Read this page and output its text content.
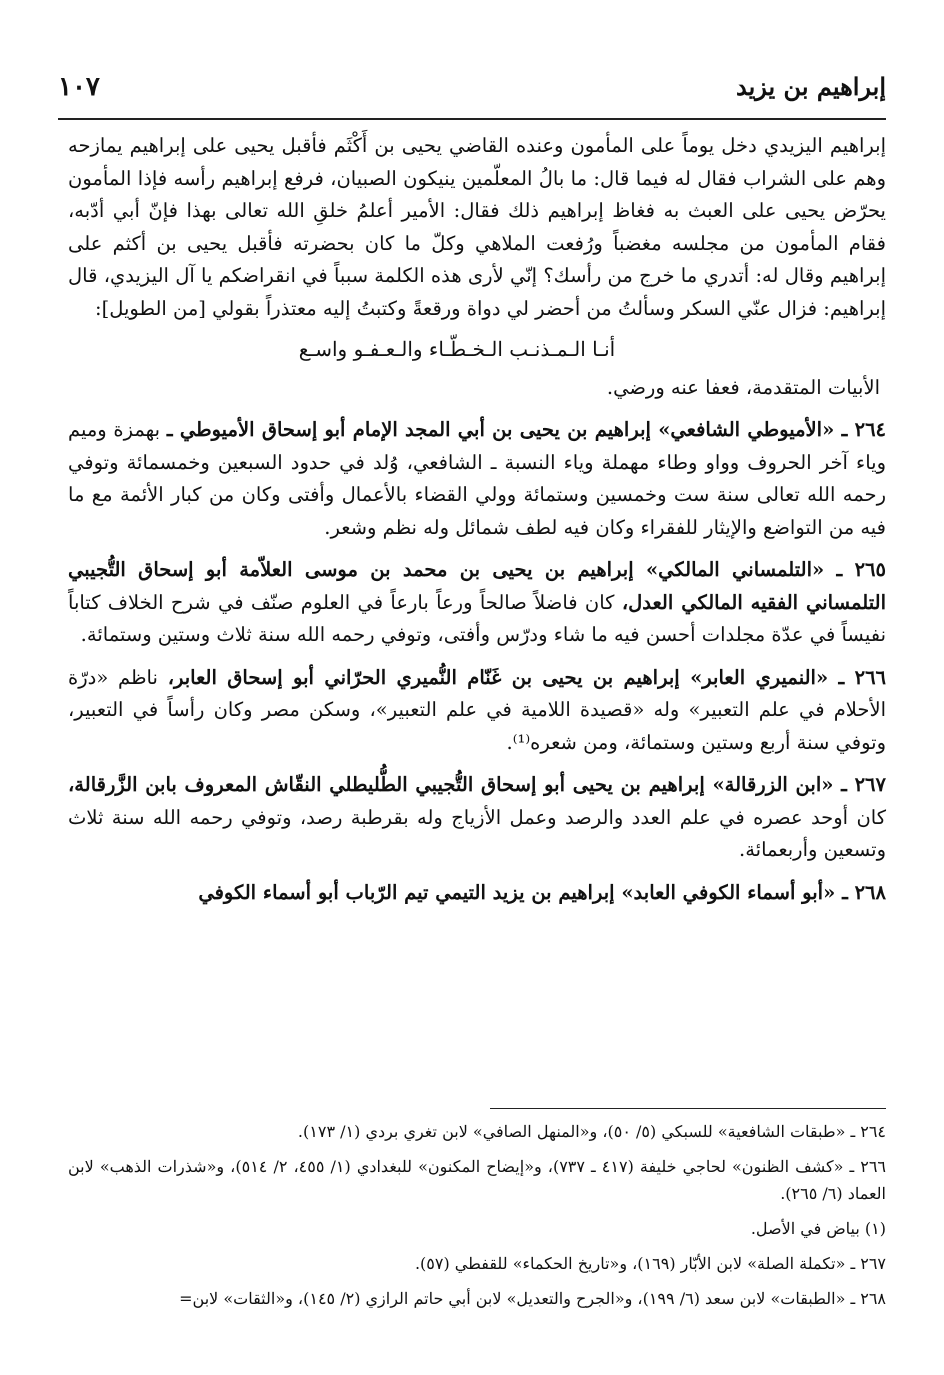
إبراهيم بن يزيد
١٠٧

إبراهيم اليزيدي دخل يوماً على المأمون وعنده القاضي يحيى بن أَكْثَم فأقبل يحيى على إبراهيم يمازحه وهم على الشراب فقال له فيما قال: ما بالُ المعلّمين ينيكون الصبيان، فرفع إبراهيم رأسه فإذا المأمون يحرّض يحيى على العبث به فغاظ إبراهيم ذلك فقال: الأمير أعلمُ خلقِ الله تعالى بهذا فإنّ أبي أدّبه، فقام المأمون من مجلسه مغضباً ورُفعت الملاهي وكلّ ما كان بحضرته فأقبل يحيى بن أكثم على إبراهيم وقال له: أتدري ما خرج من رأسك؟ إنّي لأرى هذه الكلمة سبباً في انقراضكم يا آل اليزيدي، قال إبراهيم: فزال عنّي السكر وسألتُ من أحضر لي دواة ورقعةً وكتبتُ إليه معتذراً بقولي [من الطويل]:

أنـا الـمـذنـب الـخـطّـاء والـعـفـو واسـع

الأبيات المتقدمة، فعفا عنه ورضي.

٢٦٤ ـ «الأميوطي الشافعي» إبراهيم بن يحيى بن أبي المجد الإمام أبو إسحاق الأميوطي ـ بهمزة وميم وياء آخر الحروف وواو وطاء مهملة وياء النسبة ـ الشافعي، وُلد في حدود السبعين وخمسمائة وتوفي رحمه الله تعالى سنة ست وخمسين وستمائة وولي القضاء بالأعمال وأفتى وكان من كبار الأئمة مع ما فيه من التواضع والإيثار للفقراء وكان فيه لطف شمائل وله نظم وشعر.

٢٦٥ ـ «التلمساني المالكي» إبراهيم بن يحيى بن محمد بن موسى العلاّمة أبو إسحاق التُّجيبي التلمساني الفقيه المالكي العدل، كان فاضلاً صالحاً ورعاً بارعاً في العلوم صنّف في شرح الخلاف كتاباً نفيساً في عدّة مجلدات أحسن فيه ما شاء ودرّس وأفتى، وتوفي رحمه الله سنة ثلاث وستين وستمائة.

٢٦٦ ـ «النميري العابر» إبراهيم بن يحيى بن غَنّام النُّميري الحرّاني أبو إسحاق العابر، ناظم «درّة الأحلام في علم التعبير» وله «قصيدة اللامية في علم التعبير»، وسكن مصر وكان رأساً في التعبير، وتوفي سنة أربع وستين وستمائة، ومن شعره⁽¹⁾.

٢٦٧ ـ «ابن الزرقالة» إبراهيم بن يحيى أبو إسحاق التُّجيبي الطُّليطلي النقّاش المعروف بابن الزَّرقالة، كان أوحد عصره في علم العدد والرصد وعمل الأزياج وله بقرطبة رصد، وتوفي رحمه الله سنة ثلاث وتسعين وأربعمائة.

٢٦٨ ـ «أبو أسماء الكوفي العابد» إبراهيم بن يزيد التيمي تيم الرّباب أبو أسماء الكوفي

٢٦٤ ـ «طبقات الشافعية» للسبكي (٥/ ٥٠)، و«المنهل الصافي» لابن تغري بردي (١/ ١٧٣).

٢٦٦ ـ «كشف الظنون» لحاجي خليفة (٤١٧ ـ ٧٣٧)، و«إيضاح المكنون» للبغدادي (١/ ٤٥٥، ٢/ ٥١٤)، و«شذرات الذهب» لابن العماد (٦/ ٢٦٥).

(١) بياض في الأصل.

٢٦٧ ـ «تكملة الصلة» لابن الأبّار (١٦٩)، و«تاريخ الحكماء» للقفطي (٥٧).

٢٦٨ ـ «الطبقات» لابن سعد (٦/ ١٩٩)، و«الجرح والتعديل» لابن أبي حاتم الرازي (٢/ ١٤٥)، و«الثقات» لابن=
